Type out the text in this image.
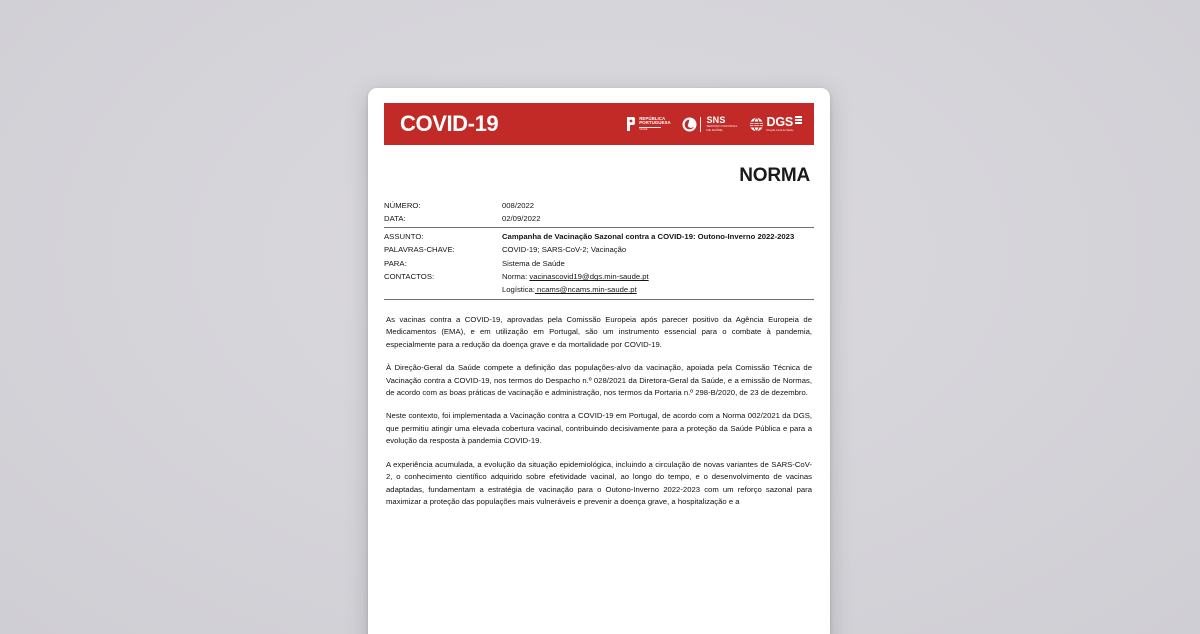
COVID-19	REPÚBLICA
PORTUGUESA
SAÚDE
SNS
SERVIÇO NACIONAL
DE SAÚDE
DGS
Direção-Geral da Saúde
NORMA
NÚMERO:	008/2022
DATA:	02/09/2022
ASSUNTO:	Campanha de Vacinação Sazonal contra a COVID-19: Outono-Inverno 2022-2023
PALAVRAS-CHAVE:	COVID-19; SARS-CoV-2; Vacinação
PARA:	Sistema de Saúde
CONTACTOS:	Norma: vacinascovid19@dgs.min-saude.pt
	Logística: ncams@ncams.min-saude.pt

As vacinas contra a COVID-19, aprovadas pela Comissão Europeia após parecer positivo da Agência Europeia de Medicamentos (EMA), e em utilização em Portugal, são um instrumento essencial para o combate à pandemia, especialmente para a redução da doença grave e da mortalidade por COVID-19.

À Direção-Geral da Saúde compete a definição das populações-alvo da vacinação, apoiada pela Comissão Técnica de Vacinação contra a COVID-19, nos termos do Despacho n.º 028/2021 da Diretora-Geral da Saúde, e a emissão de Normas, de acordo com as boas práticas de vacinação e administração, nos termos da Portaria n.º 298-B/2020, de 23 de dezembro.

Neste contexto, foi implementada a Vacinação contra a COVID-19 em Portugal, de acordo com a Norma 002/2021 da DGS, que permitiu atingir uma elevada cobertura vacinal, contribuindo decisivamente para a proteção da Saúde Pública e para a evolução da resposta à pandemia COVID-19.

A experiência acumulada, a evolução da situação epidemiológica, incluindo a circulação de novas variantes de SARS-CoV-2, o conhecimento científico adquirido sobre efetividade vacinal, ao longo do tempo, e o desenvolvimento de vacinas adaptadas, fundamentam a estratégia de vacinação para o Outono-Inverno 2022-2023 com um reforço sazonal para maximizar a proteção das populações mais vulneráveis e prevenir a doença grave, a hospitalização e a
